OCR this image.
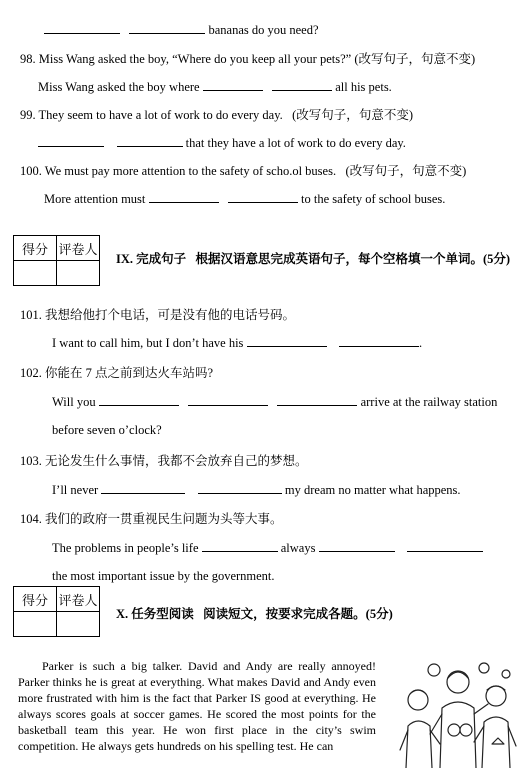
bananas do you need?
98. Miss Wang asked the boy, “Where do you keep all your pets?” (改写句子，句意不变)
Miss Wang asked the boy where	all his pets.
99. They seem to have a lot of work to do every day.   (改写句子，句意不变)
that they have a lot of work to do every day.
100. We must pay more attention to the safety of scho.ol buses.   (改写句子，句意不变)
More attention must	to the safety of school buses.
得分	评卷人

IX. 完成句子   根据汉语意思完成英语句子，每个空格填一个单词。(5分)
101. 我想给他打个电话，可是没有他的电话号码。
I want to call him, but I don’t have his	.
102. 你能在 7 点之前到达火车站吗?
Will you	arrive at the railway station
before seven o’clock?
103. 无论发生什么事情，我都不会放弃自己的梦想。
I’ll never	my dream no matter what happens.
104. 我们的政府一贯重视民生问题为头等大事。
The problems in people’s life	always
the most important issue by the government.
得分	评卷人

X. 任务型阅读   阅读短文，按要求完成各题。(5分)

Parker is such a big talker. David and Andy are really annoyed! Parker thinks he is great at everything. What makes David and Andy even more frustrated with him is the fact that Parker IS good at everything. He always scores goals at soccer games. He scored the most points for the basketball team this year. He won first place in the city’s swim competition. He always gets hundreds on his spelling test. He can
